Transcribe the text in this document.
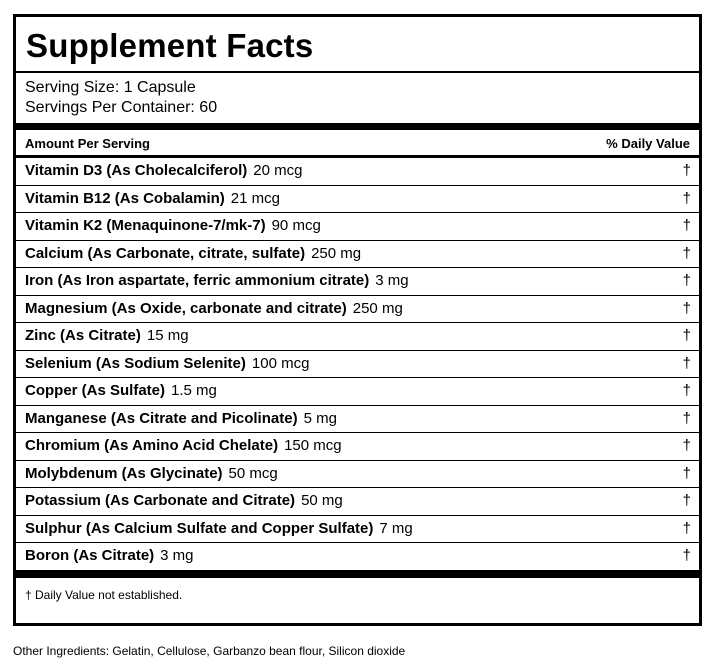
Supplement Facts
Serving Size: 1 Capsule
Servings Per Container: 60
Amount Per Serving	% Daily Value
Vitamin D3 (As Cholecalciferol) 20 mcg	†
Vitamin B12 (As Cobalamin) 21 mcg	†
Vitamin K2 (Menaquinone-7/mk-7) 90 mcg	†
Calcium (As Carbonate, citrate, sulfate) 250 mg	†
Iron (As Iron aspartate, ferric ammonium citrate) 3 mg	†
Magnesium (As Oxide, carbonate and citrate) 250 mg	†
Zinc (As Citrate) 15 mg	†
Selenium (As Sodium Selenite) 100 mcg	†
Copper (As Sulfate) 1.5 mg	†
Manganese (As Citrate and Picolinate) 5 mg	†
Chromium (As Amino Acid Chelate) 150 mcg	†
Molybdenum (As Glycinate) 50 mcg	†
Potassium (As Carbonate and Citrate) 50 mg	†
Sulphur (As Calcium Sulfate and Copper Sulfate) 7 mg	†
Boron (As Citrate) 3 mg	†
† Daily Value not established.
Other Ingredients: Gelatin, Cellulose, Garbanzo bean flour, Silicon dioxide
